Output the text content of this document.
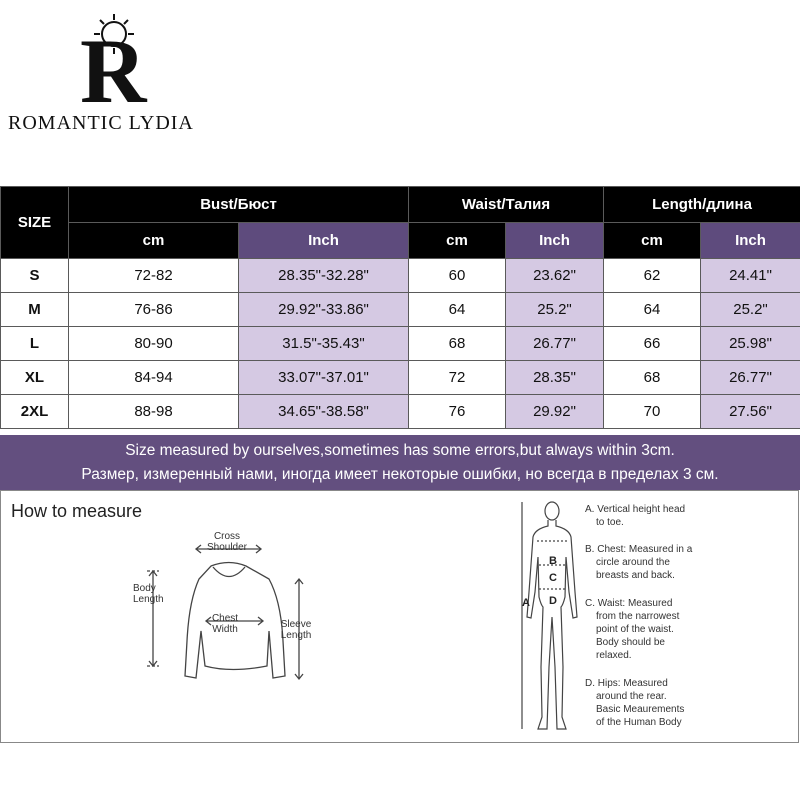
R
ROMANTIC LYDIA
SIZE	Bust/Бюст		Waist/Талия		Length/длина	
	cm	Inch	cm	Inch	cm	Inch
S	72-82	28.35"-32.28"	60	23.62"	62	24.41"
M	76-86	29.92"-33.86"	64	25.2"	64	25.2"
L	80-90	31.5"-35.43"	68	26.77"	66	25.98"
XL	84-94	33.07"-37.01"	72	28.35"	68	26.77"
2XL	88-98	34.65"-38.58"	76	29.92"	70	27.56"
Size measured by ourselves,sometimes has some errors,but always within 3cm.
Размер, измеренный нами, иногда имеет некоторые ошибки, но всегда в пределах 3 см.
How to measure
Cross
Shoulder
Body
Length
Chest
Width	Sleeve
Length
A
B
C
D
A. Vertical height head
to toe.
B. Chest: Measured in a
circle around the
breasts and back.
C. Waist: Measured
from the narrowest
point of the waist.
Body should be
relaxed.
D. Hips: Measured
around the rear.
Basic Meaurements
of the Human Body
